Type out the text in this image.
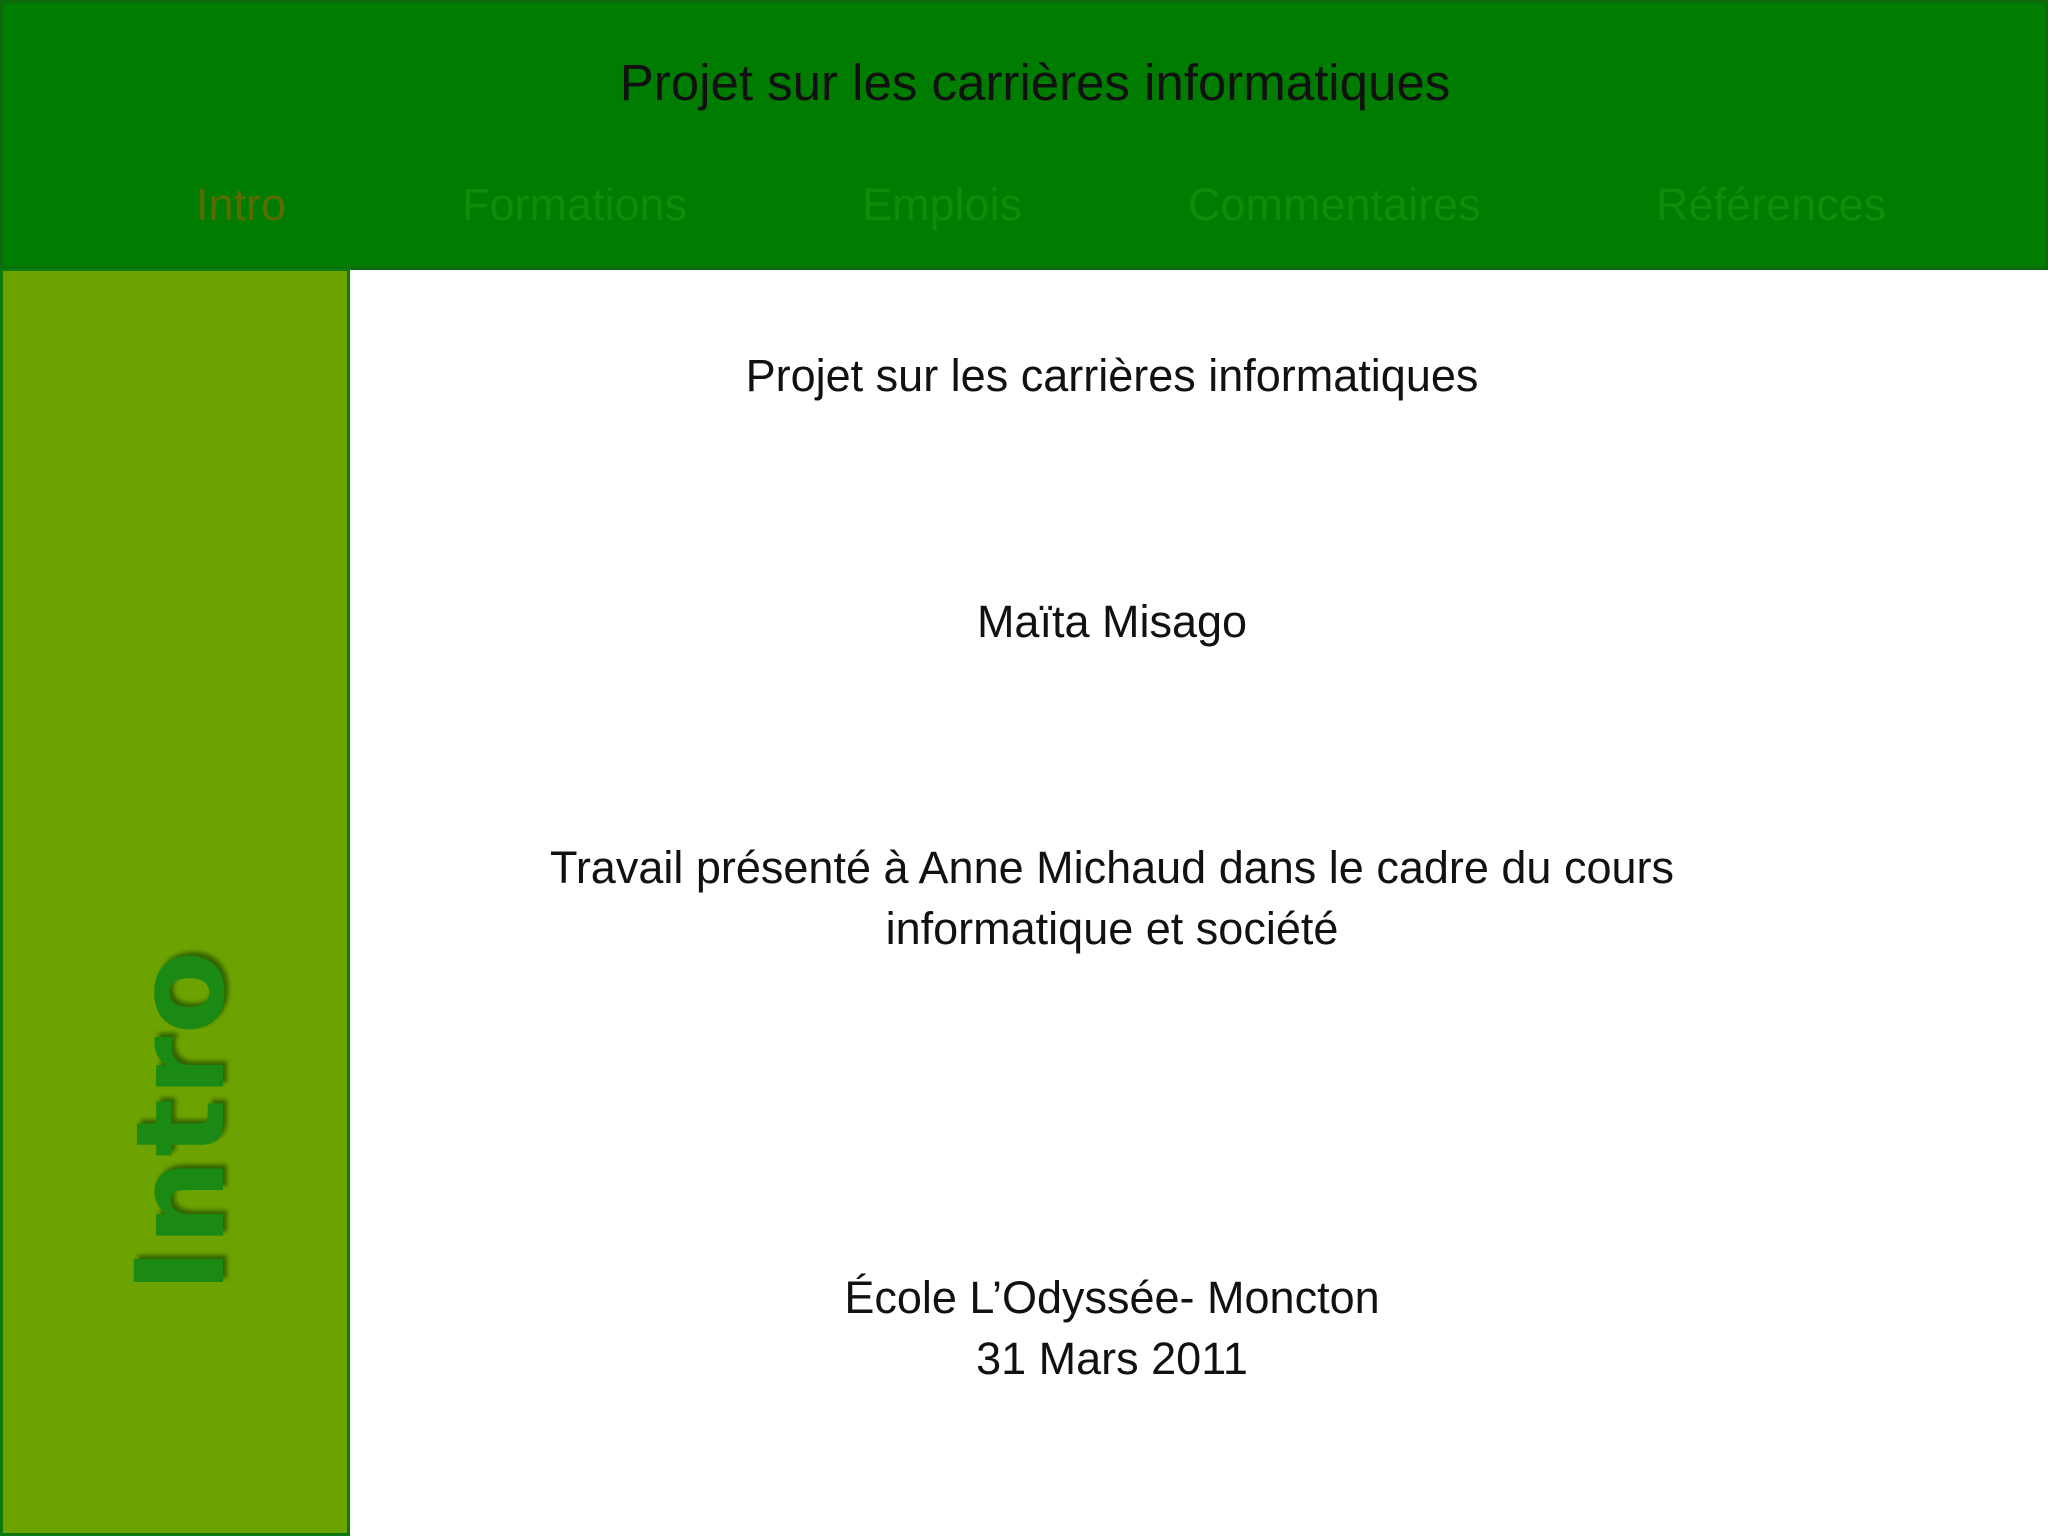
Projet sur les carrières informatiques
Intro	Formations	Emplois	Commentaires	Références
Intro
Projet sur les carrières informatiques
Maïta Misago
Travail présenté à Anne Michaud dans le cadre du cours
informatique et société
École L’Odyssée- Moncton
31 Mars 2011
